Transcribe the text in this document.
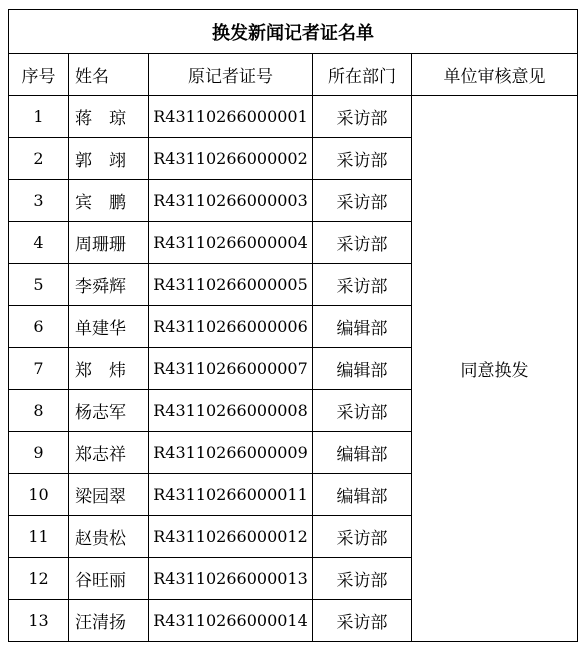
换发新闻记者证名单				
序号	姓名	原记者证号	所在部门	单位审核意见
1	蒋　琼	R43110266000001	采访部	同意换发
2	郭　翊	R43110266000002	采访部	
3	宾　鹏	R43110266000003	采访部	
4	周珊珊	R43110266000004	采访部	
5	李舜辉	R43110266000005	采访部	
6	单建华	R43110266000006	编辑部	
7	郑　炜	R43110266000007	编辑部	
8	杨志军	R43110266000008	采访部	
9	郑志祥	R43110266000009	编辑部	
10	梁园翠	R43110266000011	编辑部	
11	赵贵松	R43110266000012	采访部	
12	谷旺丽	R43110266000013	采访部	
13	汪清扬	R43110266000014	采访部	
